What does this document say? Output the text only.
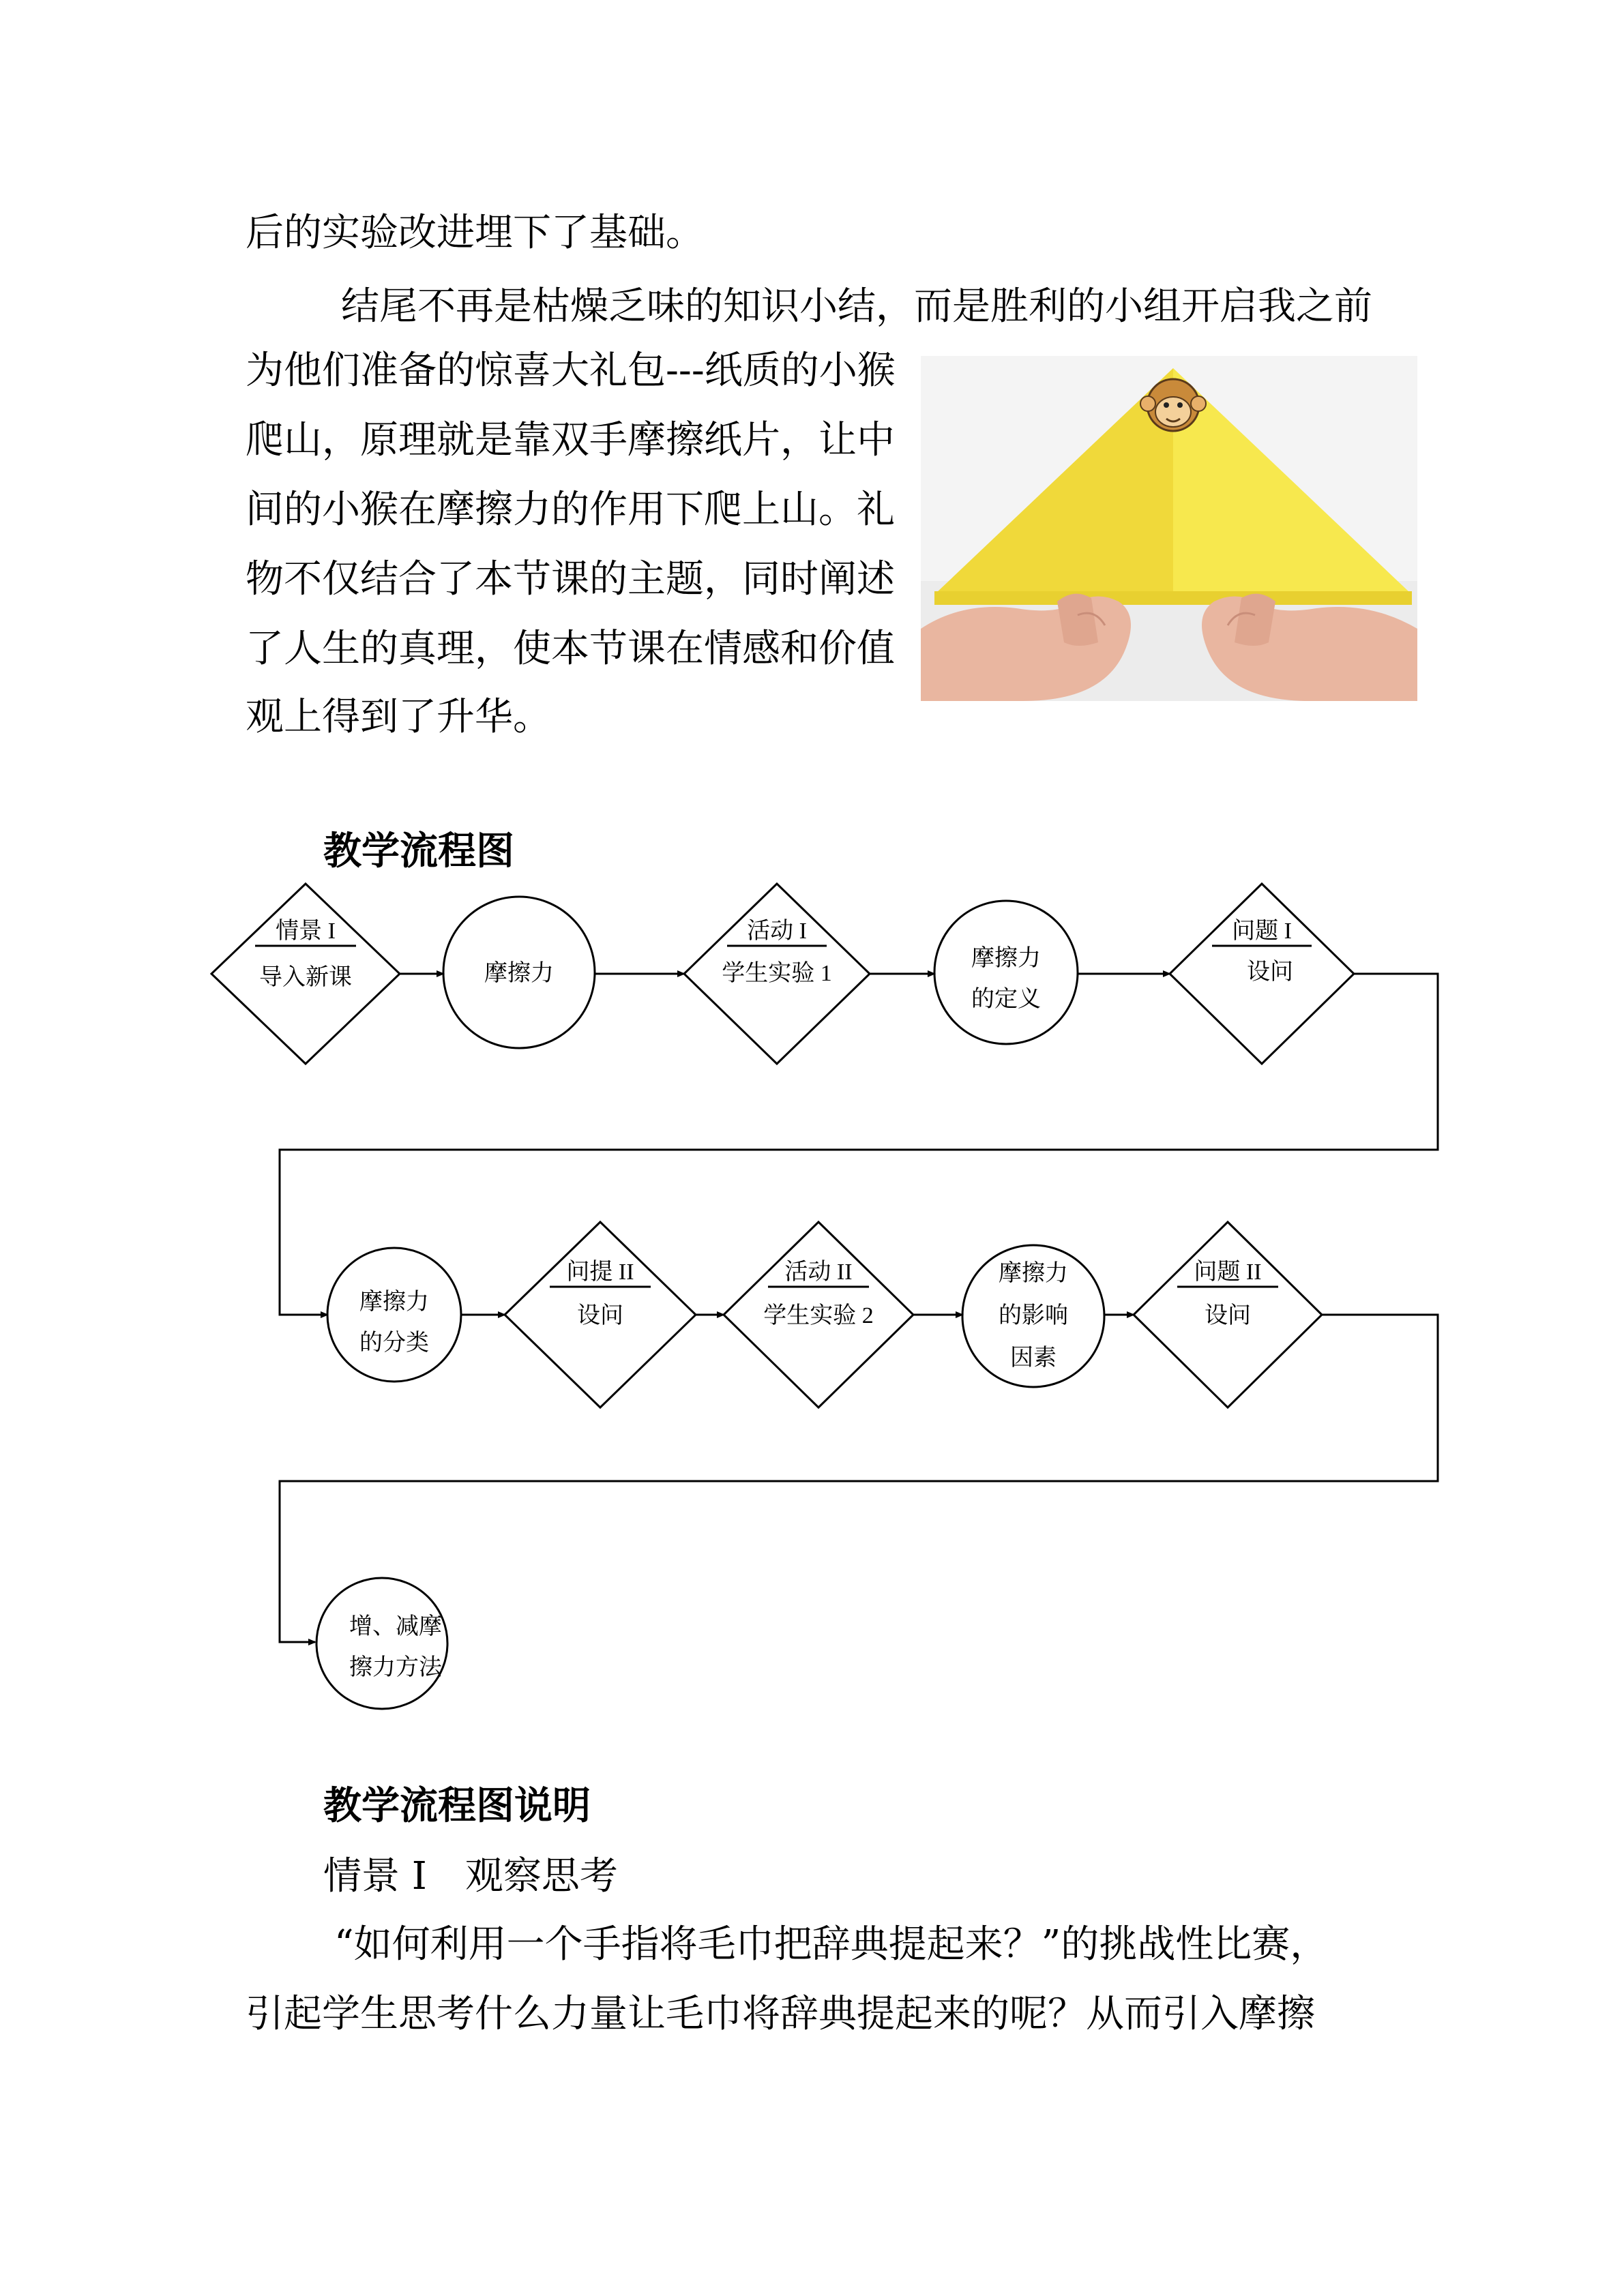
后的实验改进埋下了基础。
结尾不再是枯燥乏味的知识小结，而是胜利的小组开启我之前
为他们准备的惊喜大礼包---纸质的小猴
爬山，原理就是靠双手摩擦纸片，让中
间的小猴在摩擦力的作用下爬上山。礼
物不仅结合了本节课的主题，同时阐述
了人生的真理，使本节课在情感和价值
观上得到了升华。
教学流程图
情景 I
导入新课	摩擦力
活动 I
学生实验 1
摩擦力
的定义
问题 I
设问
摩擦力
的分类
问提 II
设问
活动 II
学生实验 2
摩擦力
的影响
因素
问题 II
设问
增、减摩
擦力方法
教学流程图说明
情景 I　观察思考
“如何利用一个手指将毛巾把辞典提起来？”的挑战性比赛，
引起学生思考什么力量让毛巾将辞典提起来的呢？从而引入摩擦
